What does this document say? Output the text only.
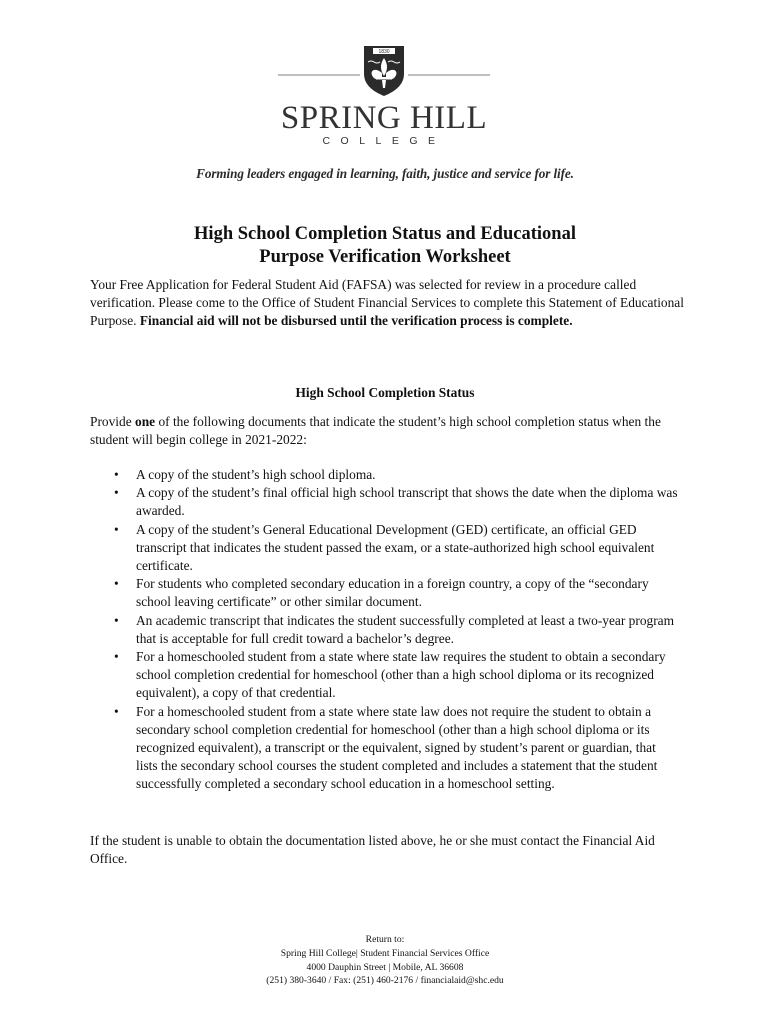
1830
SPRING HILL
COLLEGE
Forming leaders engaged in learning, faith, justice and service for life.
High School Completion Status and Educational
Purpose Verification Worksheet
Your Free Application for Federal Student Aid (FAFSA) was selected for review in a procedure called verification. Please come to the Office of Student Financial Services to complete this Statement of Educational Purpose. Financial aid will not be disbursed until the verification process is complete.
High School Completion Status
Provide one of the following documents that indicate the student’s high school completion status when the student will begin college in 2021-2022:
• A copy of the student’s high school diploma.
• A copy of the student’s final official high school transcript that shows the date when the diploma was awarded.
• A copy of the student’s General Educational Development (GED) certificate, an official GED transcript that indicates the student passed the exam, or a state-authorized high school equivalent certificate.
• For students who completed secondary education in a foreign country, a copy of the “secondary school leaving certificate” or other similar document.
• An academic transcript that indicates the student successfully completed at least a two-year program that is acceptable for full credit toward a bachelor’s degree.
• For a homeschooled student from a state where state law requires the student to obtain a secondary school completion credential for homeschool (other than a high school diploma or its recognized equivalent), a copy of that credential.
• For a homeschooled student from a state where state law does not require the student to obtain a secondary school completion credential for homeschool (other than a high school diploma or its recognized equivalent), a transcript or the equivalent, signed by student’s parent or guardian, that lists the secondary school courses the student completed and includes a statement that the student successfully completed a secondary school education in a homeschool setting.
If the student is unable to obtain the documentation listed above, he or she must contact the Financial Aid Office.
Return to:
Spring Hill College| Student Financial Services Office
4000 Dauphin Street | Mobile, AL 36608
(251) 380-3640 / Fax: (251) 460-2176 / financialaid@shc.edu
